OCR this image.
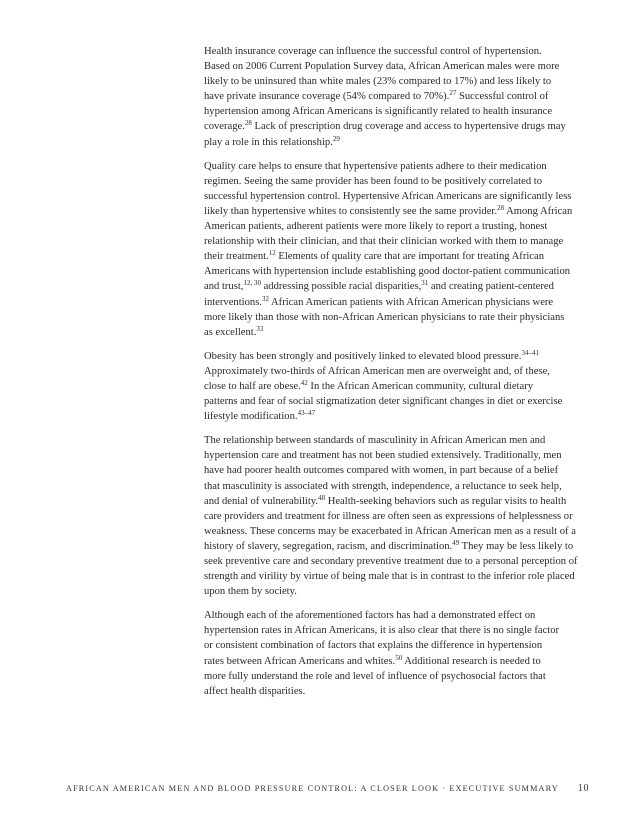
Health insurance coverage can influence the successful control of hypertension.
Based on 2006 Current Population Survey data, African American males were more
likely to be uninsured than white males (23% compared to 17%) and less likely to
have private insurance coverage (54% compared to 70%).$^{27}$ Successful control of
hypertension among African Americans is significantly related to health insurance
coverage.$^{28}$ Lack of prescription drug coverage and access to hypertensive drugs may
play a role in this relationship.$^{29}$

Quality care helps to ensure that hypertensive patients adhere to their medication
regimen. Seeing the same provider has been found to be positively correlated to
successful hypertension control. Hypertensive African Americans are significantly less
likely than hypertensive whites to consistently see the same provider.$^{28}$ Among African
American patients, adherent patients were more likely to report a trusting, honest
relationship with their clinician, and that their clinician worked with them to manage
their treatment.$^{12}$ Elements of quality care that are important for treating African
Americans with hypertension include establishing good doctor-patient communication
and trust,$^{12, 30}$ addressing possible racial disparities,$^{31}$ and creating patient-centered
interventions.$^{32}$ African American patients with African American physicians were
more likely than those with non-African American physicians to rate their physicians
as excellent.$^{33}$

Obesity has been strongly and positively linked to elevated blood pressure.$^{34-41}$
Approximately two-thirds of African American men are overweight and, of these,
close to half are obese.$^{42}$ In the African American community, cultural dietary
patterns and fear of social stigmatization deter significant changes in diet or exercise
lifestyle modification.$^{43-47}$

The relationship between standards of masculinity in African American men and
hypertension care and treatment has not been studied extensively. Traditionally, men
have had poorer health outcomes compared with women, in part because of a belief
that masculinity is associated with strength, independence, a reluctance to seek help,
and denial of vulnerability.$^{48}$ Health-seeking behaviors such as regular visits to health
care providers and treatment for illness are often seen as expressions of helplessness or
weakness. These concerns may be exacerbated in African American men as a result of a
history of slavery, segregation, racism, and discrimination.$^{49}$ They may be less likely to
seek preventive care and secondary preventive treatment due to a personal perception of
strength and virility by virtue of being male that is in contrast to the inferior role placed
upon them by society.

Although each of the aforementioned factors has had a demonstrated effect on
hypertension rates in African Americans, it is also clear that there is no single factor
or consistent combination of factors that explains the difference in hypertension
rates between African Americans and whites.$^{50}$ Additional research is needed to
more fully understand the role and level of influence of psychosocial factors that
affect health disparities.

AFRICAN AMERICAN MEN AND BLOOD PRESSURE CONTROL: A CLOSER LOOK · EXECUTIVE SUMMARY 10
